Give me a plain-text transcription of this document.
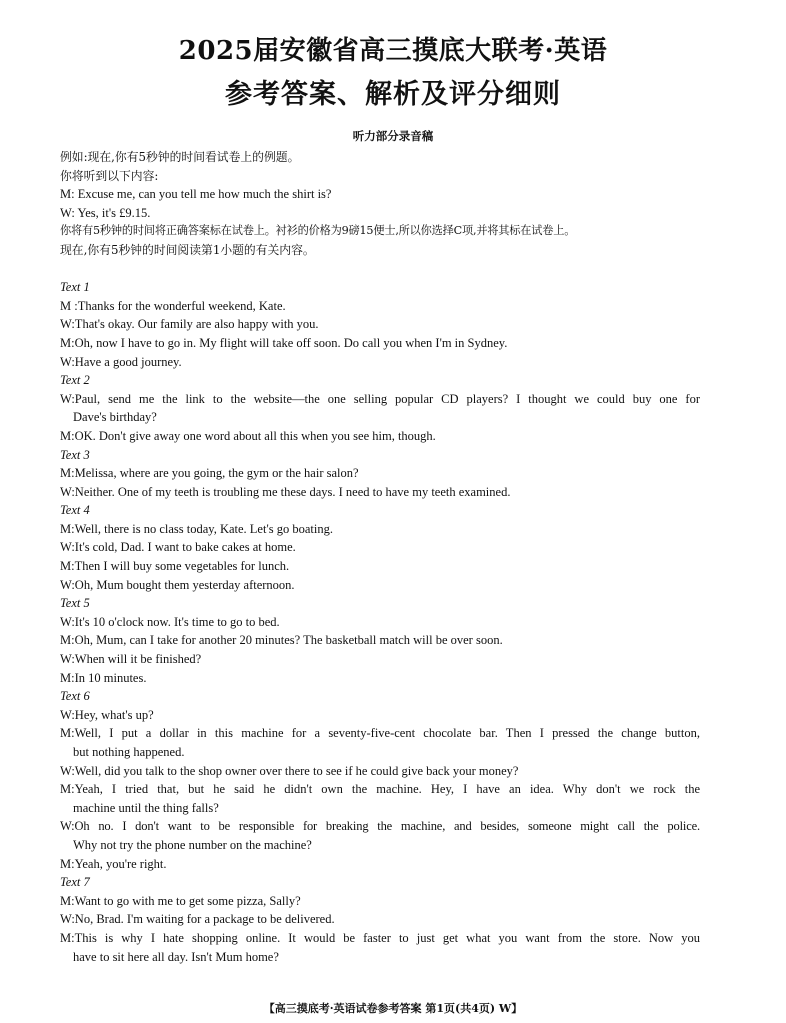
2025届安徽省高三摸底大联考·英语
参考答案、解析及评分细则
听力部分录音稿
例如:现在,你有5秒钟的时间看试卷上的例题。
你将听到以下内容:
M: Excuse me, can you tell me how much the shirt is?
W: Yes, it's £9.15.
你将有5秒钟的时间将正确答案标在试卷上。衬衫的价格为9磅15便士,所以你选择C项,并将其标在试卷上。
现在,你有5秒钟的时间阅读第1小题的有关内容。
Text 1
M :Thanks for the wonderful weekend, Kate.
W:That's okay. Our family are also happy with you.
M:Oh, now I have to go in. My flight will take off soon. Do call you when I'm in Sydney.
W:Have a good journey.
Text 2
W:Paul, send me the link to the website—the one selling popular CD players? I thought we could buy one for
Dave's birthday?
M:OK. Don't give away one word about all this when you see him, though.
Text 3
M:Melissa, where are you going, the gym or the hair salon?
W:Neither. One of my teeth is troubling me these days. I need to have my teeth examined.
Text 4
M:Well, there is no class today, Kate. Let's go boating.
W:It's cold, Dad. I want to bake cakes at home.
M:Then I will buy some vegetables for lunch.
W:Oh, Mum bought them yesterday afternoon.
Text 5
W:It's 10 o'clock now. It's time to go to bed.
M:Oh, Mum, can I take for another 20 minutes? The basketball match will be over soon.
W:When will it be finished?
M:In 10 minutes.
Text 6
W:Hey, what's up?
M:Well, I put a dollar in this machine for a seventy-five-cent chocolate bar. Then I pressed the change button,
but nothing happened.
W:Well, did you talk to the shop owner over there to see if he could give back your money?
M:Yeah, I tried that, but he said he didn't own the machine. Hey, I have an idea. Why don't we rock the
machine until the thing falls?
W:Oh no. I don't want to be responsible for breaking the machine, and besides, someone might call the police.
Why not try the phone number on the machine?
M:Yeah, you're right.
Text 7
M:Want to go with me to get some pizza, Sally?
W:No, Brad. I'm waiting for a package to be delivered.
M:This is why I hate shopping online. It would be faster to just get what you want from the store. Now you
have to sit here all day. Isn't Mum home?
【高三摸底考·英语试卷参考答案 第1页(共4页) W】
